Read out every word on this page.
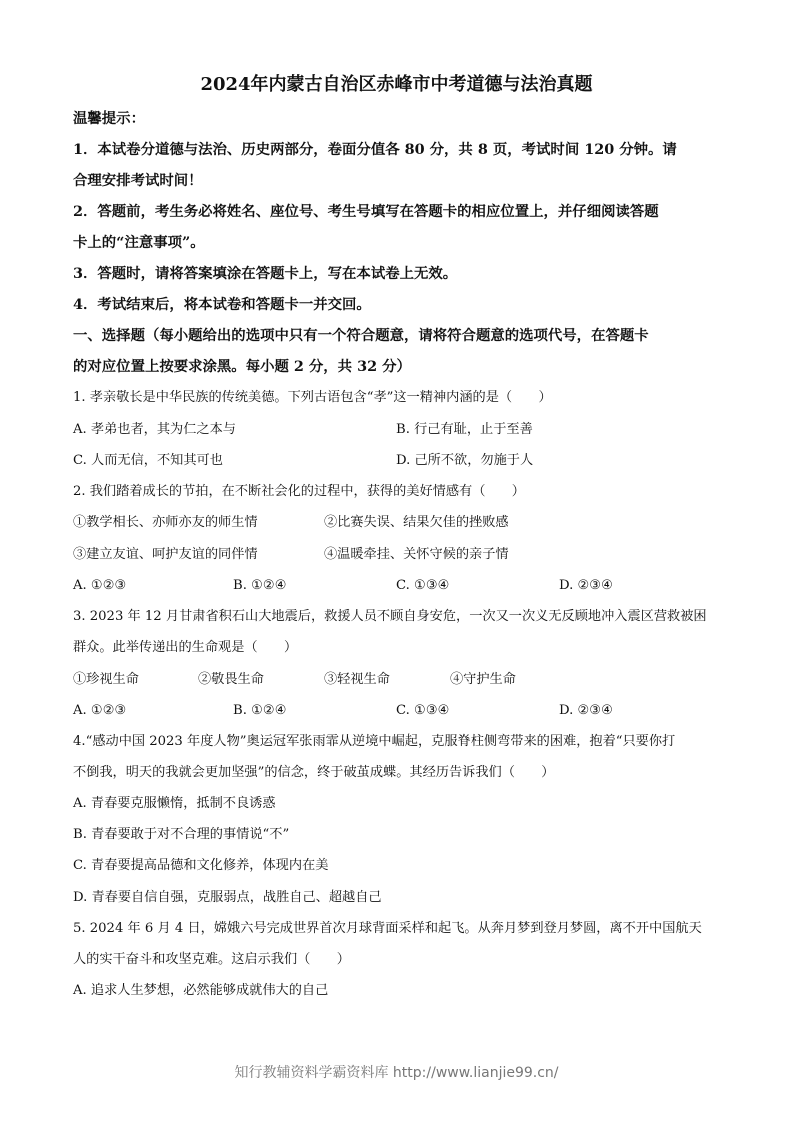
2024年内蒙古自治区赤峰市中考道德与法治真题
温馨提示：
1．本试卷分道德与法治、历史两部分，卷面分值各 80 分，共 8 页，考试时间 120 分钟。请
合理安排考试时间！
2．答题前，考生务必将姓名、座位号、考生号填写在答题卡的相应位置上，并仔细阅读答题
卡上的“注意事项”。
3．答题时，请将答案填涂在答题卡上，写在本试卷上无效。
4．考试结束后，将本试卷和答题卡一并交回。
一、选择题（每小题给出的选项中只有一个符合题意，请将符合题意的选项代号，在答题卡
的对应位置上按要求涂黑。每小题 2 分，共 32 分）
1. 孝亲敬长是中华民族的传统美德。下列古语包含“孝”这一精神内涵的是（　　）
A. 孝弟也者，其为仁之本与	B. 行己有耻，止于至善
C. 人而无信，不知其可也	D. 己所不欲，勿施于人
2. 我们踏着成长的节拍，在不断社会化的过程中，获得的美好情感有（　　）
①教学相长、亦师亦友的师生情	②比赛失误、结果欠佳的挫败感
③建立友谊、呵护友谊的同伴情	④温暖牵挂、关怀守候的亲子情
A. ①②③	B. ①②④	C. ①③④	D. ②③④
3. 2023 年 12 月甘肃省积石山大地震后，救援人员不顾自身安危，一次又一次义无反顾地冲入震区营救被困
群众。此举传递出的生命观是（　　）
①珍视生命	②敬畏生命	③轻视生命	④守护生命
A. ①②③	B. ①②④	C. ①③④	D. ②③④
4.“感动中国 2023 年度人物”奥运冠军张雨霏从逆境中崛起，克服脊柱侧弯带来的困难，抱着“只要你打
不倒我，明天的我就会更加坚强”的信念，终于破茧成蝶。其经历告诉我们（　　）
A. 青春要克服懒惰，抵制不良诱惑
B. 青春要敢于对不合理的事情说“不”
C. 青春要提高品德和文化修养，体现内在美
D. 青春要自信自强，克服弱点，战胜自己、超越自己
5. 2024 年 6 月 4 日，嫦娥六号完成世界首次月球背面采样和起飞。从奔月梦到登月梦圆，离不开中国航天
人的实干奋斗和攻坚克难。这启示我们（　　）
A. 追求人生梦想，必然能够成就伟大的自己
知行教辅资料学霸资料库 http://www.lianjie99.cn/
